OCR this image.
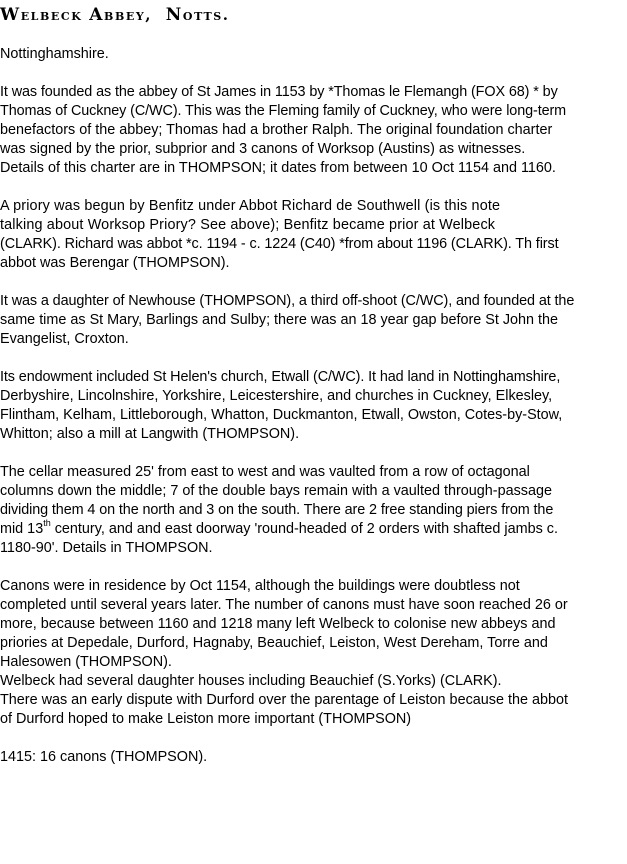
Welbeck Abbey, Notts.

Nottinghamshire.

It was founded as the abbey of St James in 1153 by *Thomas le Flemangh (FOX 68) * by
Thomas of Cuckney (C/WC). This was the Fleming family of Cuckney, who were long-term
benefactors of the abbey; Thomas had a brother Ralph. The original foundation charter
was signed by the prior, subprior and 3 canons of Worksop (Austins) as witnesses.
Details of this charter are in THOMPSON; it dates from between 10 Oct 1154 and 1160.

A priory was begun by Benfitz under Abbot Richard de Southwell (is this note
talking about Worksop Priory? See above); Benfitz became prior at Welbeck
(CLARK). Richard was abbot *c. 1194 - c. 1224 (C40) *from about 1196 (CLARK). Th first
abbot was Berengar (THOMPSON).

It was a daughter of Newhouse (THOMPSON), a third off-shoot (C/WC), and founded at the
same time as St Mary, Barlings and Sulby; there was an 18 year gap before St John the
Evangelist, Croxton.

Its endowment included St Helen's church, Etwall (C/WC). It had land in Nottinghamshire,
Derbyshire, Lincolnshire, Yorkshire, Leicestershire, and churches in Cuckney, Elkesley,
Flintham, Kelham, Littleborough, Whatton, Duckmanton, Etwall, Owston, Cotes-by-Stow,
Whitton; also a mill at Langwith (THOMPSON).

The cellar measured 25' from east to west and was vaulted from a row of octagonal
columns down the middle; 7 of the double bays remain with a vaulted through-passage
dividing them 4 on the north and 3 on the south. There are 2 free standing piers from the
mid 13th century, and and east doorway 'round-headed of 2 orders with shafted jambs c.
1180-90'. Details in THOMPSON.

Canons were in residence by Oct 1154, although the buildings were doubtless not
completed until several years later. The number of canons must have soon reached 26 or
more, because between 1160 and 1218 many left Welbeck to colonise new abbeys and
priories at Depedale, Durford, Hagnaby, Beauchief, Leiston, West Dereham, Torre and
Halesowen (THOMPSON).
Welbeck had several daughter houses including Beauchief (S.Yorks) (CLARK).
There was an early dispute with Durford over the parentage of Leiston because the abbot
of Durford hoped to make Leiston more important (THOMPSON)

1415: 16 canons (THOMPSON).
